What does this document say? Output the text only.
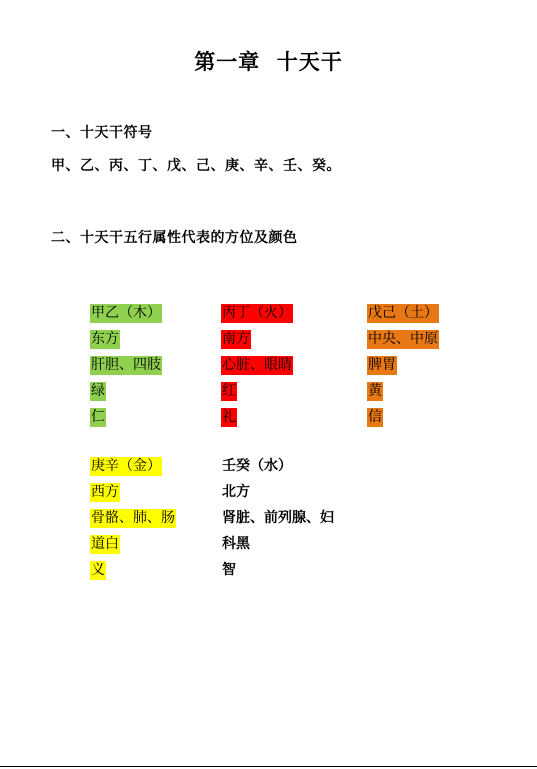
第一章  十天干
一、十天干符号
甲、乙、丙、丁、戊、己、庚、辛、壬、癸。
二、十天干五行属性代表的方位及颜色
甲乙（木）
东方
肝胆、四肢
绿
仁
丙丁（火）
南方
心脏、眼睛
红
礼
戊己（土）
中央、中原
脾胃
黄
信
庚辛（金）
西方
骨骼、肺、肠
道白
义
壬癸（水）
北方
肾脏、前列腺、妇
科黑
智
